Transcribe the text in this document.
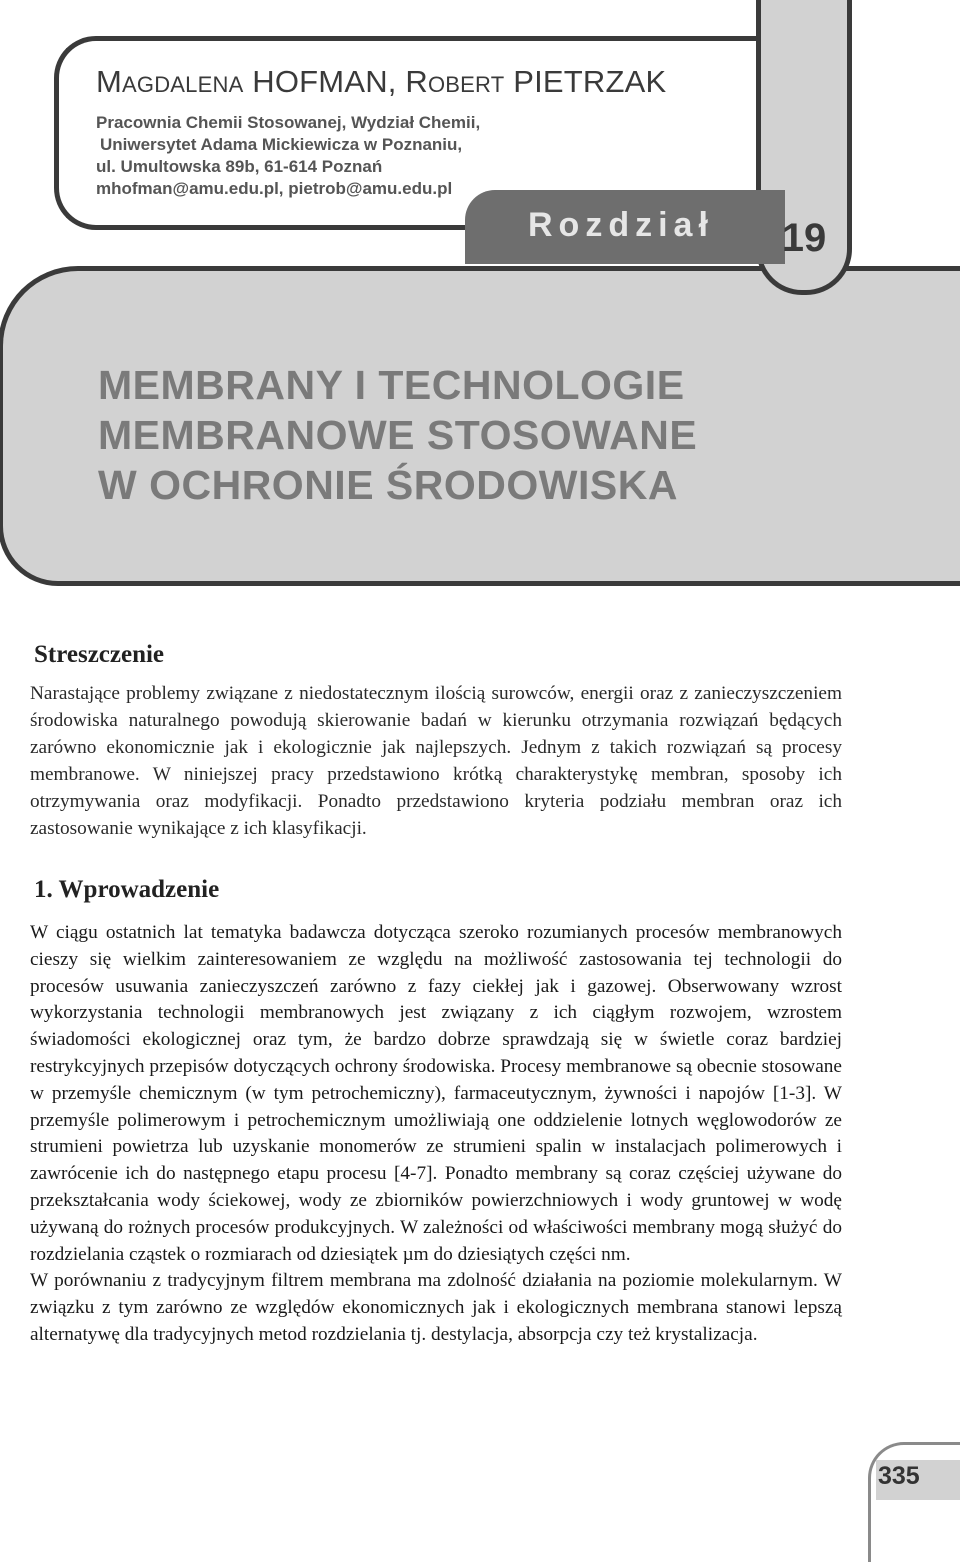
Magdalena HOFMAN, Robert PIETRZAK
Pracownia Chemii Stosowanej, Wydział Chemii,
Uniwersytet Adama Mickiewicza w Poznaniu,
ul. Umultowska 89b, 61-614 Poznań
mhofman@amu.edu.pl, pietrob@amu.edu.pl
Rozdział	19
MEMBRANY I TECHNOLOGIE
MEMBRANOWE STOSOWANE
W OCHRONIE ŚRODOWISKA
Streszczenie
Narastające problemy związane z niedostatecznym ilością surowców, energii oraz z zanieczyszczeniem środowiska naturalnego powodują skierowanie badań w kierunku otrzymania rozwiązań będących zarówno ekonomicznie jak i ekologicznie jak najlepszych. Jednym z takich rozwiązań są procesy membranowe. W niniejszej pracy przedstawiono krótką charakterystykę membran, sposoby ich otrzymywania oraz modyfikacji. Ponadto przedstawiono kryteria podziału membran oraz ich zastosowanie wynikające z ich klasyfikacji.
1. Wprowadzenie

W ciągu ostatnich lat tematyka badawcza dotycząca szeroko rozumianych procesów membranowych cieszy się wielkim zainteresowaniem ze względu na możliwość zastosowania tej technologii do procesów usuwania zanieczyszczeń zarówno z fazy ciekłej jak i gazowej. Obserwowany wzrost wykorzystania technologii membranowych jest związany z ich ciągłym rozwojem, wzrostem świadomości ekologicznej oraz tym, że bardzo dobrze sprawdzają się w świetle coraz bardziej restrykcyjnych przepisów dotyczących ochrony środowiska. Procesy membranowe są obecnie stosowane w przemyśle chemicznym (w tym petrochemiczny), farmaceutycznym, żywności i napojów [1-3]. W przemyśle polimerowym i petrochemicznym umożliwiają one oddzielenie lotnych węglowodorów ze strumieni powietrza lub uzyskanie monomerów ze strumieni spalin w instalacjach polimerowych i zawrócenie ich do następnego etapu procesu [4-7]. Ponadto membrany są coraz częściej używane do przekształcania wody ściekowej, wody ze zbiorników powierzchniowych i wody gruntowej w wodę używaną do rożnych procesów produkcyjnych. W zależności od właściwości membrany mogą służyć do rozdzielania cząstek o rozmiarach od dziesiątek µm do dziesiątych części nm.

W porównaniu z tradycyjnym filtrem membrana ma zdolność działania na poziomie molekularnym. W związku z tym zarówno ze względów ekonomicznych jak i ekologicznych membrana stanowi lepszą alternatywę dla tradycyjnych metod rozdzielania tj. destylacja, absorpcja czy też krystalizacja.

335
